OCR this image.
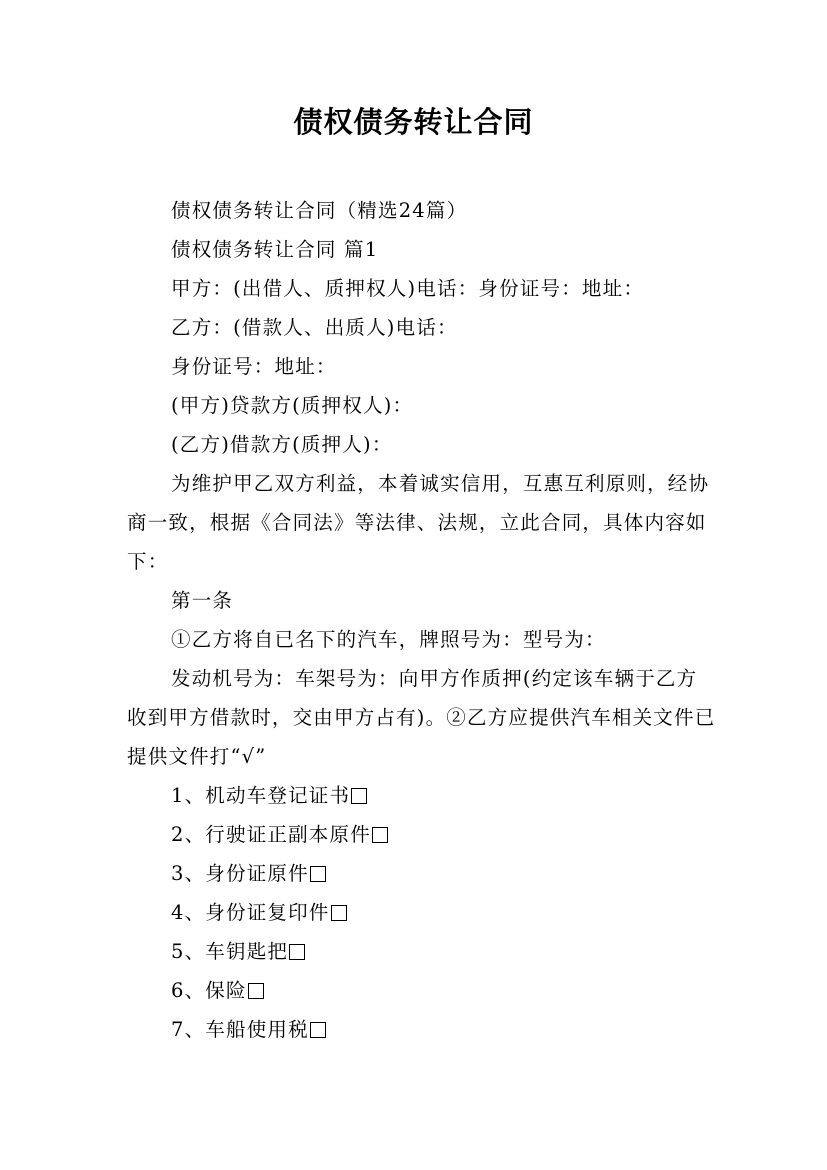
债权债务转让合同

债权债务转让合同（精选24篇）

债权债务转让合同 篇1

甲方：(出借人、质押权人)电话：身份证号：地址：

乙方：(借款人、出质人)电话：

身份证号：地址：

(甲方)贷款方(质押权人)：

(乙方)借款方(质押人)：

为维护甲乙双方利益，本着诚实信用，互惠互利原则，经协商一致，根据《合同法》等法律、法规，立此合同，具体内容如下：

第一条

①乙方将自已名下的汽车，牌照号为：型号为：

发动机号为：车架号为：向甲方作质押(约定该车辆于乙方收到甲方借款时，交由甲方占有)。②乙方应提供汽车相关文件已提供文件打“√”

1、机动车登记证书

2、行驶证正副本原件

3、身份证原件

4、身份证复印件

5、车钥匙把

6、保险

7、车船使用税
